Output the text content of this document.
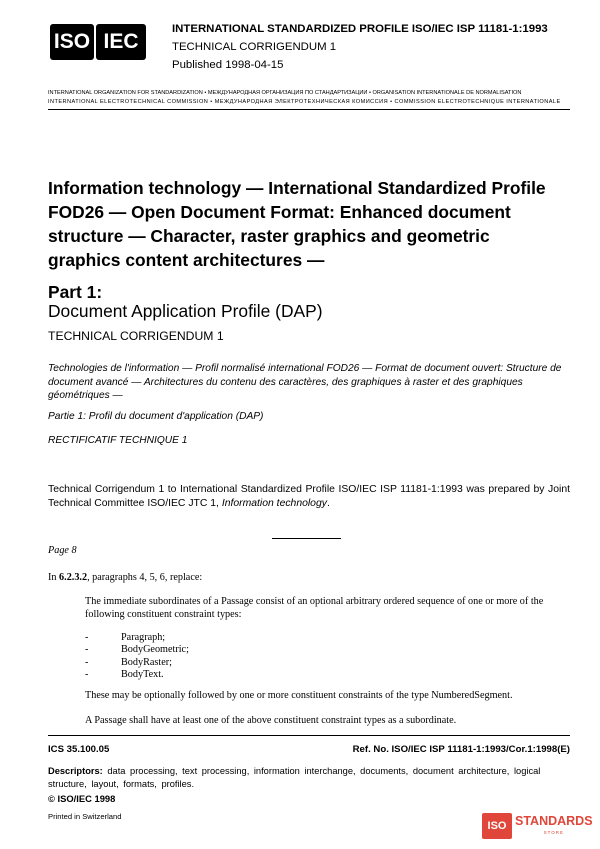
ISO IEC
INTERNATIONAL STANDARDIZED PROFILE ISO/IEC ISP 11181-1:1993
TECHNICAL CORRIGENDUM 1
Published 1998-04-15
INTERNATIONAL ORGANIZATION FOR STANDARDIZATION • МЕЖДУНАРОДНАЯ ОРГАНИЗАЦИЯ ПО СТАНДАРТИЗАЦИИ • ORGANISATION INTERNATIONALE DE NORMALISATION
INTERNATIONAL ELECTROTECHNICAL COMMISSION • МЕЖДУНАРОДНАЯ ЭЛЕКТРОТЕХНИЧЕСКАЯ КОМИССИЯ • COMMISSION ÉLECTROTECHNIQUE INTERNATIONALE
Information technology — International Standardized Profile FOD26 — Open Document Format: Enhanced document structure — Character, raster graphics and geometric graphics content architectures —
Part 1:
Document Application Profile (DAP)
TECHNICAL CORRIGENDUM 1
Technologies de l'information — Profil normalisé international FOD26 — Format de document ouvert: Structure de document avancé — Architectures du contenu des caractères, des graphiques à raster et des graphiques géométriques —
Partie 1: Profil du document d'application (DAP)
RECTIFICATIF TECHNIQUE 1
Technical Corrigendum 1 to International Standardized Profile ISO/IEC ISP 11181-1:1993 was prepared by Joint Technical Committee ISO/IEC JTC 1, Information technology.
Page 8
In 6.2.3.2, paragraphs 4, 5, 6, replace:
The immediate subordinates of a Passage consist of an optional arbitrary ordered sequence of one or more of the following constituent constraint types:
-	Paragraph;
-	BodyGeometric;
-	BodyRaster;
-	BodyText.
These may be optionally followed by one or more constituent constraints of the type NumberedSegment.
A Passage shall have at least one of the above constituent constraint types as a subordinate.
ICS 35.100.05	Ref. No. ISO/IEC ISP 11181-1:1993/Cor.1:1998(E)
Descriptors: data processing, text processing, information interchange, documents, document architecture, logical structure, layout, formats, profiles.
© ISO/IEC 1998
Printed in Switzerland
ISO STANDARDS
STORE
